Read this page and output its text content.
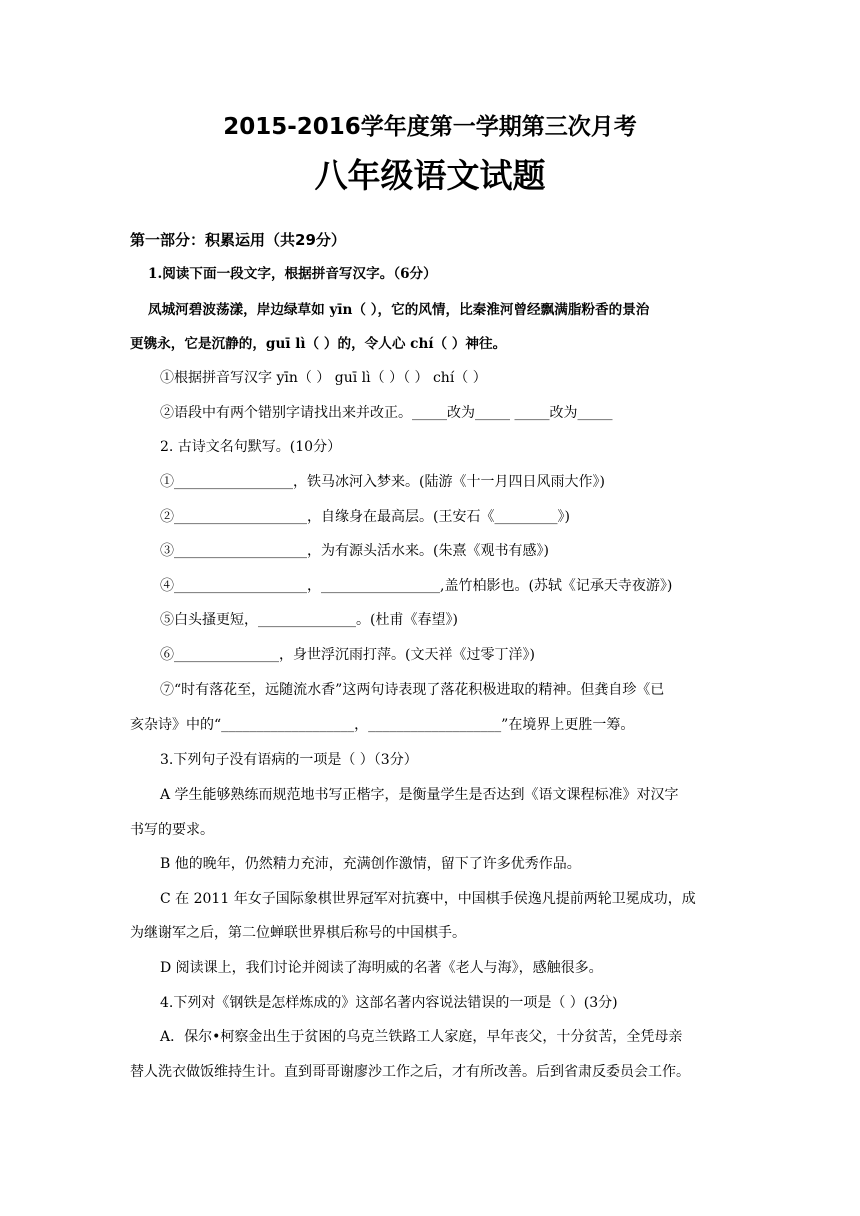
2015-2016学年度第一学期第三次月考
八年级语文试题
第一部分：积累运用（共29分）
1.阅读下面一段文字，根据拼音写汉字。（6分）
凤城河碧波荡漾，岸边绿草如 yīn（ ），它的风情，比秦淮河曾经飘满脂粉香的景治
更镌永，它是沉静的，guī lì（ ）的，令人心 chí（ ）神往。
①根据拼音写汉字 yīn（ ） guī lì（ ）（ ） chí（ ）
②语段中有两个错别字请找出来并改正。_____改为_____ _____改为_____
2. 古诗文名句默写。(10分）
①_________________，铁马冰河入梦来。(陆游《十一月四日风雨大作》)
②___________________，自缘身在最高层。(王安石《_________》)
③___________________，为有源头活水来。(朱熹《观书有感》)
④___________________，_________________,盖竹柏影也。(苏轼《记承天寺夜游》)
⑤白头搔更短，______________。(杜甫《春望》)
⑥_______________，身世浮沉雨打萍。(文天祥《过零丁洋》)
⑦“时有落花至，远随流水香”这两句诗表现了落花积极进取的精神。但龚自珍《已
亥杂诗》中的“___________________，___________________”在境界上更胜一筹。
3.下列句子没有语病的一项是（ ）（3分）
A 学生能够熟练而规范地书写正楷字，是衡量学生是否达到《语文课程标准》对汉字
书写的要求。
B 他的晚年，仍然精力充沛，充满创作激情，留下了许多优秀作品。
C 在 2011 年女子国际象棋世界冠军对抗赛中，中国棋手侯逸凡提前两轮卫冕成功，成
为继谢军之后，第二位蝉联世界棋后称号的中国棋手。
D 阅读课上，我们讨论并阅读了海明威的名著《老人与海》，感触很多。
4.下列对《钢铁是怎样炼成的》这部名著内容说法错误的一项是（ ）(3分)
A．保尔•柯察金出生于贫困的乌克兰铁路工人家庭，早年丧父，十分贫苦，全凭母亲
替人洗衣做饭维持生计。直到哥哥谢廖沙工作之后，才有所改善。后到省肃反委员会工作。
